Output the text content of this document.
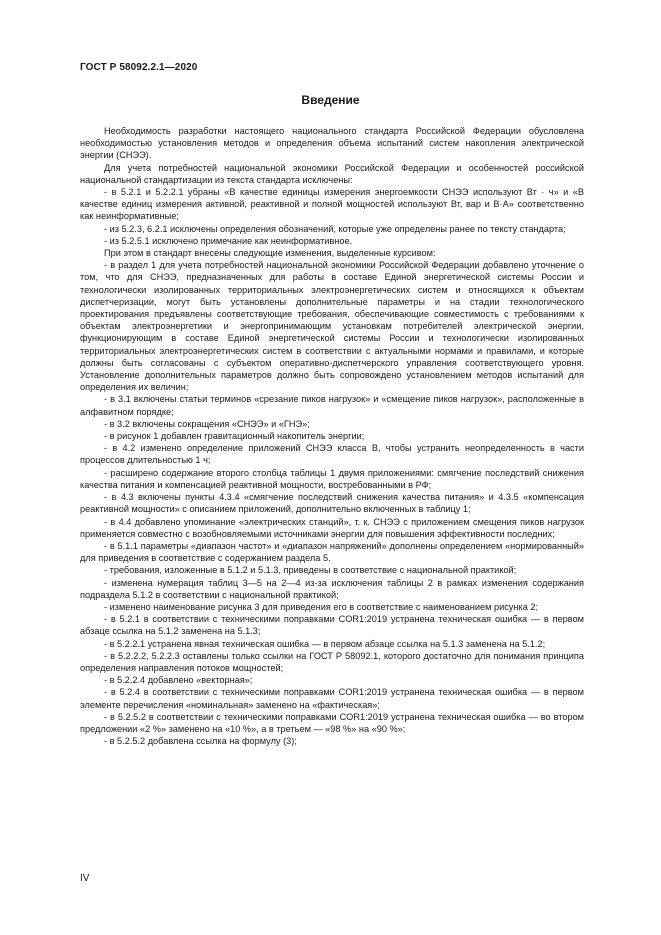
ГОСТ Р 58092.2.1—2020
Введение

Необходимость разработки настоящего национального стандарта Российской Федерации обусловлена необходимостью установления методов и определения объема испытаний систем накопления электрической энергии (СНЭЭ).

Для учета потребностей национальной экономики Российской Федерации и особенностей российской национальной стандартизации из текста стандарта исключены:

- в 5.2.1 и 5.2.2.1 убраны «В качестве единицы измерения энергоемкости СНЭЭ используют Вт · ч» и «В качестве единиц измерения активной, реактивной и полной мощностей используют Вт, вар и В·А» соответственно как неинформативные;

- из 5.2.3, 6.2.1 исключены определения обозначений, которые уже определены ранее по тексту стандарта;

- из 5.2.5.1 исключено примечание как неинформативное.

При этом в стандарт внесены следующие изменения, выделенные курсивом:

- в раздел 1 для учета потребностей национальной экономики Российской Федерации добавлено уточнение о том, что для СНЭЭ, предназначенных для работы в составе Единой энергетической системы России и технологически изолированных территориальных электроэнергетических систем и относящихся к объектам диспетчеризации, могут быть установлены дополнительные параметры и на стадии технологического проектирования предъявлены соответствующие требования, обеспечивающие совместимость с требованиями к объектам электроэнергетики и энергопринимающим установкам потребителей электрической энергии, функционирующим в составе Единой энергетической системы России и технологически изолированных территориальных электроэнергетических систем в соответствии с актуальными нормами и правилами, и которые должны быть согласованы с субъектом оперативно-диспетчерского управления соответствующего уровня. Установление дополнительных параметров должно быть сопровождено установлением методов испытаний для определения их величин;

- в 3.1 включены статьи терминов «срезание пиков нагрузок» и «смещение пиков нагрузок», расположенные в алфавитном порядке;

- в 3.2 включены сокращения «СНЭЭ» и «ГНЭ»;

- в рисунок 1 добавлен гравитационный накопитель энергии;

- в 4.2 изменено определение приложений СНЭЭ класса В, чтобы устранить неопределенность в части процессов длительностью 1 ч;

- расширено содержание второго столбца таблицы 1 двумя приложениями: смягчение последствий снижения качества питания и компенсацией реактивной мощности, востребованными в РФ;

- в 4.3 включены пункты 4.3.4 «смягчение последствий снижения качества питания» и 4.3.5 «компенсация реактивной мощности» с описанием приложений, дополнительно включенных в таблицу 1;

- в 4.4 добавлено упоминание «электрических станций», т. к. СНЭЭ с приложением смещения пиков нагрузок применяется совместно с возобновляемыми источниками энергии для повышения эффективности последних;

- в 5.1.1 параметры «диапазон частот» и «диапазон напряжений» дополнены определением «нормированный» для приведения в соответствие с содержанием раздела 5.

- требования, изложенные в 5.1.2 и 5.1.3, приведены в соответствие с национальной практикой;

- изменена нумерация таблиц 3—5 на 2—4 из-за исключения таблицы 2 в рамках изменения содержания подраздела 5.1.2 в соответствии с национальной практикой;

- изменено наименование рисунка 3 для приведения его в соответствие с наименованием рисунка 2;

- в 5.2.1 в соответствии с техническими поправками COR1:2019 устранена техническая ошибка — в первом абзаце ссылка на 5.1.2 заменена на 5.1.3;

- в 5.2.2.1 устранена явная техническая ошибка — в первом абзаце ссылка на 5.1.3 заменена на 5.1.2;

- в 5.2.2.2, 5.2.2.3 оставлены только ссылки на ГОСТ Р 58092.1, которого достаточно для понимания принципа определения направления потоков мощностей;

- в 5.2.2.4 добавлено «векторная»;

- в 5.2.4 в соответствии с техническими поправками COR1:2019 устранена техническая ошибка — в первом элементе перечисления «номинальная» заменено на «фактическая»;

- в 5.2.5.2 в соответствии с техническими поправками COR1:2019 устранена техническая ошибка — во втором предложении «2 %» заменено на «10 %», а в третьем — «98 %» на «90 %»;

- в 5.2.5.2 добавлена ссылка на формулу (3);

IV
